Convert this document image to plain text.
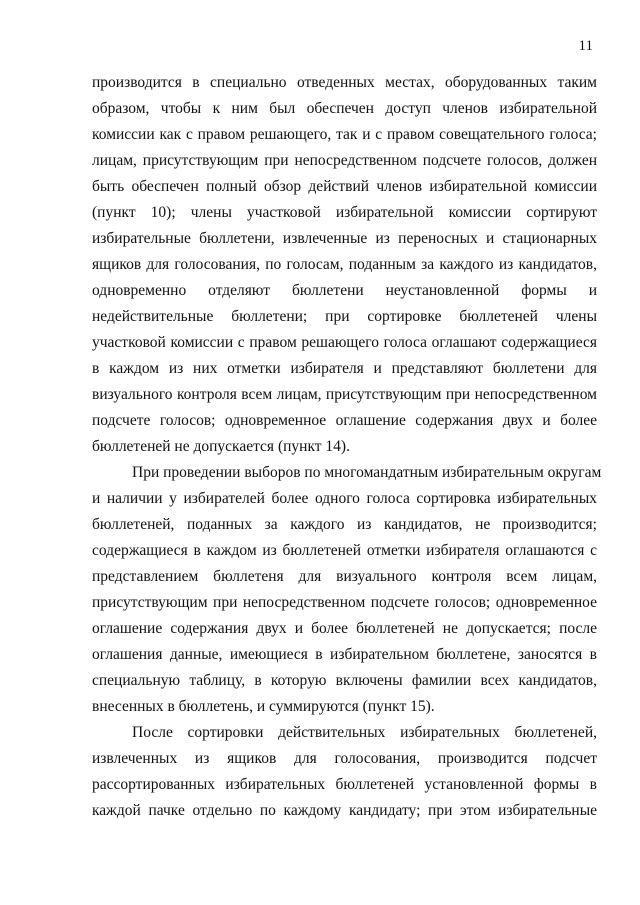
11
производится в специально отведенных местах, оборудованных таким
образом, чтобы к ним был обеспечен доступ членов избирательной
комиссии как с правом решающего, так и с правом совещательного голоса;
лицам, присутствующим при непосредственном подсчете голосов, должен
быть обеспечен полный обзор действий членов избирательной комиссии
(пункт 10); члены участковой избирательной комиссии сортируют
избирательные бюллетени, извлеченные из переносных и стационарных
ящиков для голосования, по голосам, поданным за каждого из кандидатов,
одновременно отделяют бюллетени неустановленной формы и
недействительные бюллетени; при сортировке бюллетеней члены
участковой комиссии с правом решающего голоса оглашают содержащиеся
в каждом из них отметки избирателя и представляют бюллетени для
визуального контроля всем лицам, присутствующим при непосредственном
подсчете голосов; одновременное оглашение содержания двух и более
бюллетеней не допускается (пункт 14).
При проведении выборов по многомандатным избирательным округам
и наличии у избирателей более одного голоса сортировка избирательных
бюллетеней, поданных за каждого из кандидатов, не производится;
содержащиеся в каждом из бюллетеней отметки избирателя оглашаются с
представлением бюллетеня для визуального контроля всем лицам,
присутствующим при непосредственном подсчете голосов; одновременное
оглашение содержания двух и более бюллетеней не допускается; после
оглашения данные, имеющиеся в избирательном бюллетене, заносятся в
специальную таблицу, в которую включены фамилии всех кандидатов,
внесенных в бюллетень, и суммируются (пункт 15).
После сортировки действительных избирательных бюллетеней,
извлеченных из ящиков для голосования, производится подсчет
рассортированных избирательных бюллетеней установленной формы в
каждой пачке отдельно по каждому кандидату; при этом избирательные
